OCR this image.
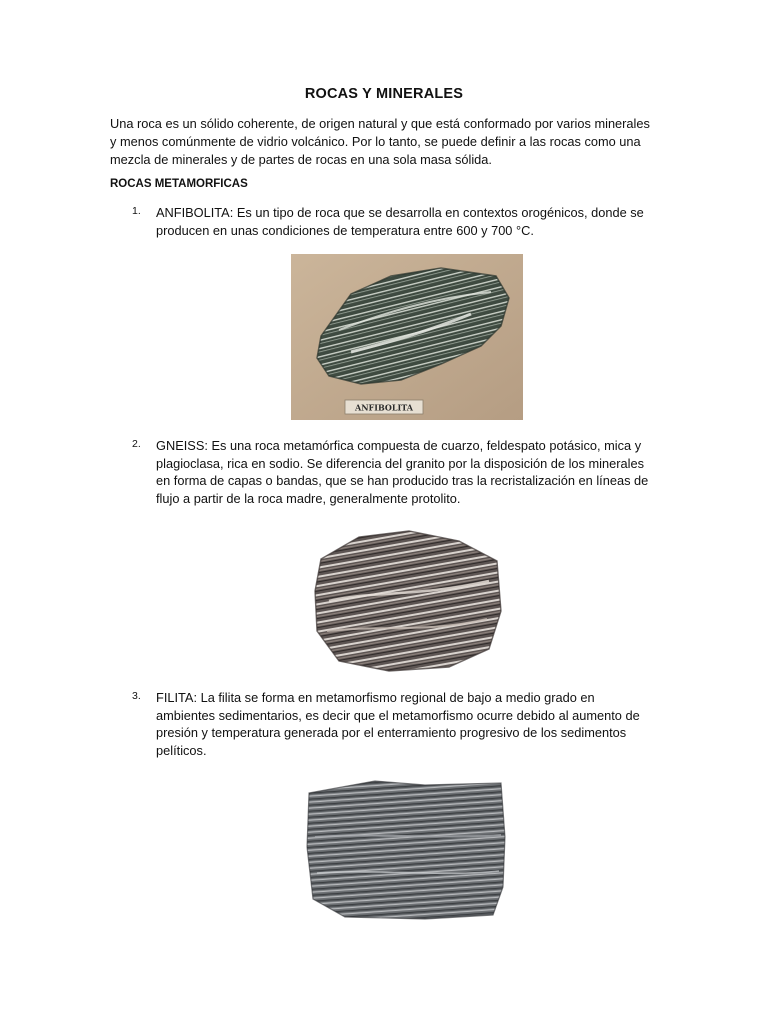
ROCAS Y MINERALES
Una roca es un sólido coherente, de origen natural y que está conformado por varios minerales y menos comúnmente de vidrio volcánico. Por lo tanto, se puede definir a las rocas como una mezcla de minerales y de partes de rocas en una sola masa sólida.
ROCAS METAMORFICAS
1. ANFIBOLITA: Es un tipo de roca que se desarrolla en contextos orogénicos, donde se producen en unas condiciones de temperatura entre 600 y 700 °C.
ANFIBOLITA
2. GNEISS: Es una roca metamórfica compuesta de cuarzo, feldespato potásico, mica y plagioclasa, rica en sodio. Se diferencia del granito por la disposición de los minerales en forma de capas o bandas, que se han producido tras la recristalización en líneas de flujo a partir de la roca madre, generalmente protolito.
3. FILITA: La filita se forma en metamorfismo regional de bajo a medio grado en ambientes sedimentarios, es decir que el metamorfismo ocurre debido al aumento de presión y temperatura generada por el enterramiento progresivo de los sedimentos pelíticos.
